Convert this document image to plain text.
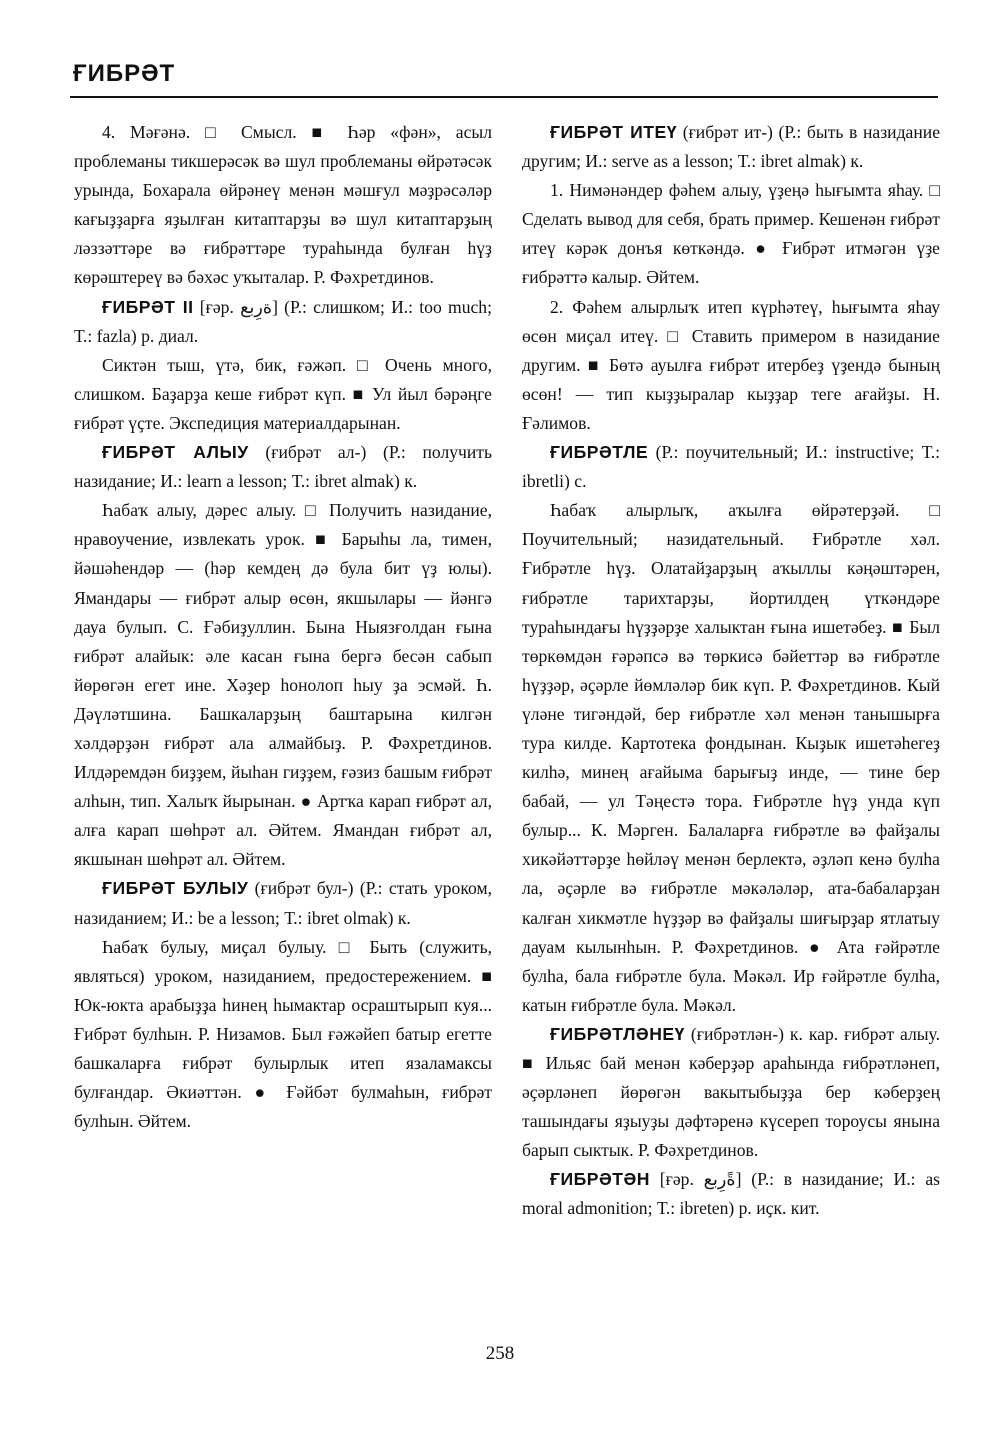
ҒИБРӘТ

4. Мәғәнә. □ Смысл. ■ Һәр «фән», асыл проблеманы тикшерәсәк вә шул проблеманы өйрәтәсәк урында, Бохарала өйрәнеү менән мәшғул мәҙрәсәләр кағыҙҙарға яҙылған китаптарҙы вә шул китаптарҙың ләззәттәре вә ғибрәттәре тураһында булған һүҙ көрәштереү вә бәхәс уҡыталар. Р. Фәхретдинов.

ҒИБРӘТ II [ғәр. ةرِبع] (Р.: слишком; И.: too much; Т.: fazla) р. диал.

Сиктән тыш, үтә, бик, ғәжәп. □ Очень много, слишком. Баҙарҙа кеше ғибрәт күп. ■ Ул йыл бәрәңге ғибрәт үҫте. Экспедиция материалдарынан.

ҒИБРӘТ АЛЫУ (ғибрәт ал-) (Р.: получить назидание; И.: learn a lesson; Т.: ibret almak) к.

Һабаҡ алыу, дәрес алыу. □ Получить назидание, нравоучение, извлекать урок. ■ Барыһы ла, тимен, йәшәһендәр — (һәр кемдең дә була бит үҙ юлы). Ямандары — ғибрәт алыр өсөн, якшылары — йәнгә дауа булып. С. Ғәбиҙуллин. Бына Ныязғолдан ғына ғибрәт алайык: әле касан ғына бергә бесән сабып йөрөгән егет ине. Хәҙер һонолоп һыу ҙа эсмәй. Һ. Дәүләтшина. Башкаларҙың баштарына килгән хәлдәрҙән ғибрәт ала алмайбыҙ. Р. Фәхретдинов. Илдәремдән биҙҙем, йыһан гиҙҙем, ғәзиз башым ғибрәт алһын, тип. Халыҡ йырынан. ● Артҡа карап ғибрәт ал, алға карап шөһрәт ал. Әйтем. Ямандан ғибрәт ал, якшынан шөһрәт ал. Әйтем.

ҒИБРӘТ БУЛЫУ (ғибрәт бул-) (Р.: стать уроком, назиданием; И.: be a lesson; Т.: ibret olmak) к.

Һабаҡ булыу, миҫал булыу. □ Быть (служить, являться) уроком, назиданием, предостережением. ■ Юк-юкта арабыҙҙа һинең һымактар осраштырып куя... Ғибрәт булһын. Р. Низамов. Был ғәжәйеп батыр егетте башкаларға ғибрәт булырлык итеп язаламаксы булғандар. Әкиәттән. ● Ғәйбәт булмаһын, ғибрәт булһын. Әйтем.

ҒИБРӘТ ИТЕҮ (ғибрәт ит-) (Р.: быть в назидание другим; И.: serve as a lesson; Т.: ibret almak) к.

1. Нимәнәндер фәһем алыу, үҙеңә һығымта яһау. □ Сделать вывод для себя, брать пример. Кешенән ғибрәт итеү кәрәк донъя көткәндә. ● Ғибрәт итмәгән үҙе ғибрәттә калыр. Әйтем.

2. Фәһем алырлыҡ итеп күрһәтеү, һығымта яһау өсөн миҫал итеү. □ Ставить примером в назидание другим. ■ Бөтә ауылға ғибрәт итербеҙ үҙендә бының өсөн! — тип кыҙҙыралар кыҙҙар теге ағайҙы. Н. Ғәлимов.

ҒИБРӘТЛЕ (Р.: поучительный; И.: instructive; Т.: ibretli) с.

Һабаҡ алырлыҡ, аҡылға өйрәтерҙәй. □ Поучительный; назидательный. Ғибрәтле хәл. Ғибрәтле һүҙ. Олатайҙарҙың аҡыллы кәңәштәрен, ғибрәтле тарихтарҙы, йортилдең үткәндәре тураһындағы һүҙҙәрҙе халыктан ғына ишетәбеҙ. ■ Был төркөмдән ғәрәпсә вә төркисә бәйеттәр вә ғибрәтле һүҙҙәр, әҫәрле йөмләләр бик күп. Р. Фәхретдинов. Кый үләне тигәндәй, бер ғибрәтле хәл менән танышырға тура килде. Картотека фондынан. Кыҙык ишетәһегеҙ килһә, минең ағайыма барығыҙ инде, — тине бер бабай, — ул Тәңестә тора. Ғибрәтле һүҙ унда күп булыр... К. Мәрген. Балаларға ғибрәтле вә файҙалы хикәйәттәрҙе һөйләү менән берлектә, әҙләп кенә булһа ла, әҫәрле вә ғибрәтле мәкәләләр, ата-бабаларҙан калған хикмәтле һүҙҙәр вә файҙалы шиғырҙар ятлатыу дауам кылынһын. Р. Фәхретдинов. ● Ата ғәйрәтле булһа, бала ғибрәтле була. Мәкәл. Ир ғәйрәтле булһа, катын ғибрәтле була. Мәкәл.

ҒИБРӘТЛӘНЕҮ (ғибрәтлән-) к. кар. ғибрәт алыу. ■ Ильяс бай менән кәберҙәр араһында ғибрәтләнеп, әҫәрләнеп йөрөгән вакытыбыҙҙа бер кәберҙең ташындағы яҙыуҙы дәфтәренә күсереп тороусы янына барып сыктык. Р. Фәхретдинов.

ҒИБРӘТӘН [ғәр. ةًرِبع] (Р.: в назидание; И.: as moral admonition; Т.: ibreten) р. иҫк. кит.

258
